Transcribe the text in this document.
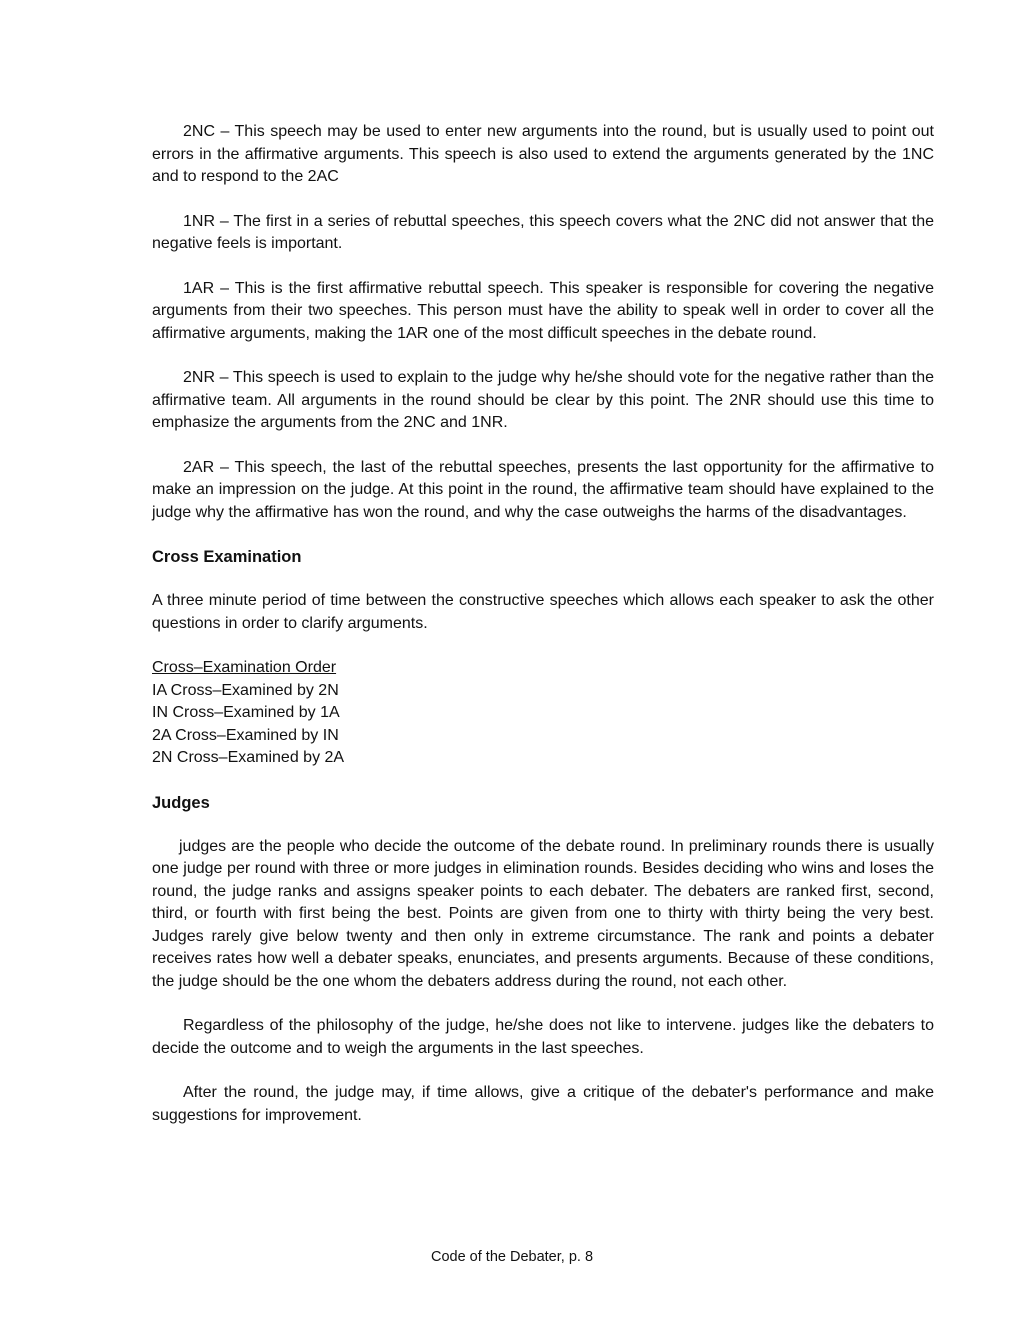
2NC – This speech may be used to enter new arguments into the round, but is usually used to point out errors in the affirmative arguments. This speech is also used to extend the arguments generated by the 1NC and to respond to the 2AC

1NR – The first in a series of rebuttal speeches, this speech covers what the 2NC did not answer that the negative feels is important.

1AR – This is the first affirmative rebuttal speech. This speaker is responsible for covering the negative arguments from their two speeches. This person must have the ability to speak well in order to cover all the affirmative arguments, making the 1AR one of the most difficult speeches in the debate round.

2NR – This speech is used to explain to the judge why he/she should vote for the negative rather than the affirmative team. All arguments in the round should be clear by this point. The 2NR should use this time to emphasize the arguments from the 2NC and 1NR.

2AR – This speech, the last of the rebuttal speeches, presents the last opportunity for the affirmative to make an impression on the judge. At this point in the round, the affirmative team should have explained to the judge why the affirmative has won the round, and why the case outweighs the harms of the disadvantages.

Cross Examination

A three minute period of time between the constructive speeches which allows each speaker to ask the other questions in order to clarify arguments.

Cross–Examination Order
IA Cross–Examined by 2N
IN Cross–Examined by 1A
2A Cross–Examined by IN
2N Cross–Examined by 2A
Judges

judges are the people who decide the outcome of the debate round. In preliminary rounds there is usually one judge per round with three or more judges in elimination rounds. Besides deciding who wins and loses the round, the judge ranks and assigns speaker points to each debater. The debaters are ranked first, second, third, or fourth with first being the best. Points are given from one to thirty with thirty being the very best. Judges rarely give below twenty and then only in extreme circumstance. The rank and points a debater receives rates how well a debater speaks, enunciates, and presents arguments. Because of these conditions, the judge should be the one whom the debaters address during the round, not each other.

Regardless of the philosophy of the judge, he/she does not like to intervene. judges like the debaters to decide the outcome and to weigh the arguments in the last speeches.

After the round, the judge may, if time allows, give a critique of the debater's performance and make suggestions for improvement.

Code of the Debater, p. 8
